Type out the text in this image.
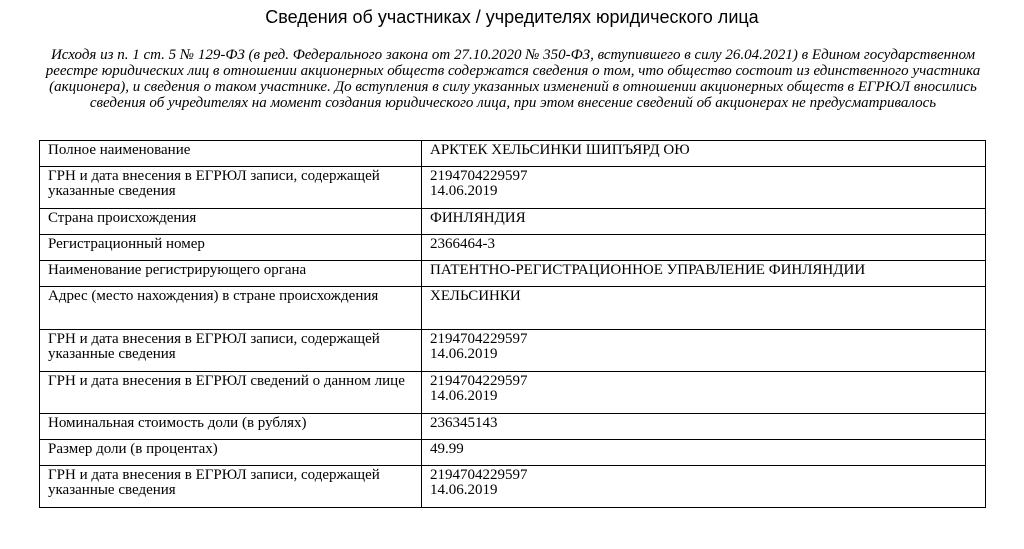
Сведения об участниках / учредителях юридического лица

Исходя из п. 1 ст. 5 № 129-ФЗ (в ред. Федерального закона от 27.10.2020 № 350-ФЗ, вступившего в силу 26.04.2021) в Едином государственном реестре юридических лиц в отношении акционерных обществ содержатся сведения о том, что общество состоит из единственного участника (акционера), и сведения о таком участнике. До вступления в силу указанных изменений в отношении акционерных обществ в ЕГРЮЛ вносились сведения об учредителях на момент создания юридического лица, при этом внесение сведений об акционерах не предусматривалось

Полное наименование	АРКТЕК ХЕЛЬСИНКИ ШИПЪЯРД ОЮ
ГРН и дата внесения в ЕГРЮЛ записи, содержащей указанные сведения	2194704229597
14.06.2019

Страна происхождения	ФИНЛЯНДИЯ
Регистрационный номер	2366464-3
Наименование регистрирующего органа	ПАТЕНТНО-РЕГИСТРАЦИОННОЕ УПРАВЛЕНИЕ ФИНЛЯНДИИ
Адрес (место нахождения) в стране происхождения	ХЕЛЬСИНКИ
ГРН и дата внесения в ЕГРЮЛ записи, содержащей указанные сведения	2194704229597
14.06.2019

ГРН и дата внесения в ЕГРЮЛ сведений о данном лице	2194704229597
14.06.2019

Номинальная стоимость доли (в рублях)	236345143
Размер доли (в процентах)	49.99
ГРН и дата внесения в ЕГРЮЛ записи, содержащей указанные сведения	2194704229597
14.06.2019
